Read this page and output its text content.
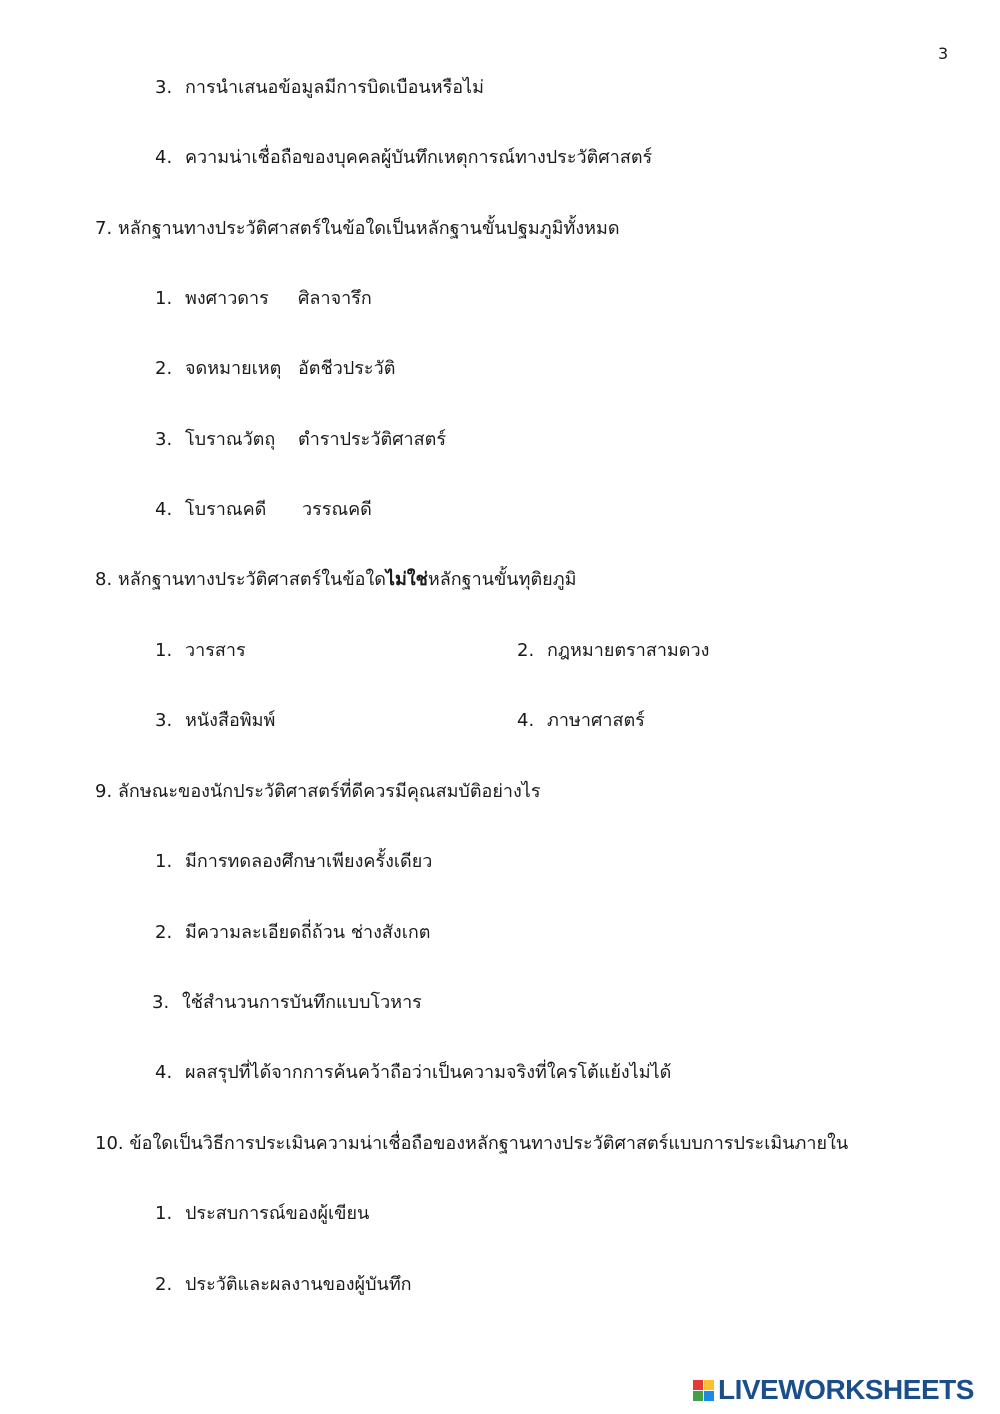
3
3. การนำเสนอข้อมูลมีการบิดเบือนหรือไม่
4. ความน่าเชื่อถือของบุคคลผู้บันทึกเหตุการณ์ทางประวัติศาสตร์
7. หลักฐานทางประวัติศาสตร์ในข้อใดเป็นหลักฐานขั้นปฐมภูมิทั้งหมด
1. พงศาวดาร ศิลาจารึก
2. จดหมายเหตุ อัตชีวประวัติ
3. โบราณวัตถุ ตำราประวัติศาสตร์
4. โบราณคดี วรรณคดี
8. หลักฐานทางประวัติศาสตร์ในข้อใดไม่ใช่หลักฐานขั้นทุติยภูมิ
1. วารสาร	2. กฎหมายตราสามดวง
3. หนังสือพิมพ์	4. ภาษาศาสตร์
9. ลักษณะของนักประวัติศาสตร์ที่ดีควรมีคุณสมบัติอย่างไร
1. มีการทดลองศึกษาเพียงครั้งเดียว
2. มีความละเอียดถี่ถ้วน ช่างสังเกต
3. ใช้สำนวนการบันทึกแบบโวหาร
4. ผลสรุปที่ได้จากการค้นคว้าถือว่าเป็นความจริงที่ใครโต้แย้งไม่ได้
10. ข้อใดเป็นวิธีการประเมินความน่าเชื่อถือของหลักฐานทางประวัติศาสตร์แบบการประเมินภายใน
1. ประสบการณ์ของผู้เขียน
2. ประวัติและผลงานของผู้บันทึก
LIVEWORKSHEETS
